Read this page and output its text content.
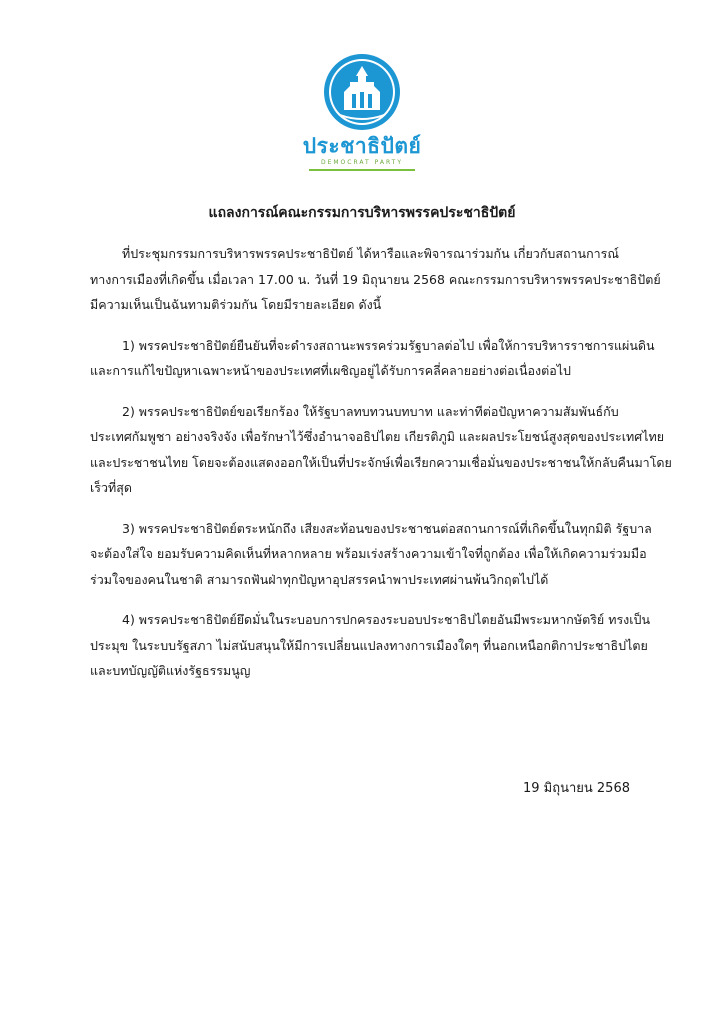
ประชาธิปัตย์
DEMOCRAT PARTY
แถลงการณ์คณะกรรมการบริหารพรรคประชาธิปัตย์
ที่ประชุมกรรมการบริหารพรรคประชาธิปัตย์ ได้หารือและพิจารณาร่วมกัน เกี่ยวกับสถานการณ์
ทางการเมืองที่เกิดขึ้น เมื่อเวลา 17.00 น. วันที่ 19 มิถุนายน 2568 คณะกรรมการบริหารพรรคประชาธิปัตย์
มีความเห็นเป็นฉันทามติร่วมกัน โดยมีรายละเอียด ดังนี้
1) พรรคประชาธิปัตย์ยืนยันที่จะดำรงสถานะพรรคร่วมรัฐบาลต่อไป เพื่อให้การบริหารราชการแผ่นดิน
และการแก้ไขปัญหาเฉพาะหน้าของประเทศที่เผชิญอยู่ได้รับการคลี่คลายอย่างต่อเนื่องต่อไป
2) พรรคประชาธิปัตย์ขอเรียกร้อง ให้รัฐบาลทบทวนบทบาท และท่าทีต่อปัญหาความสัมพันธ์กับ
ประเทศกัมพูชา อย่างจริงจัง เพื่อรักษาไว้ซึ่งอำนาจอธิปไตย เกียรติภูมิ และผลประโยชน์สูงสุดของประเทศไทย
และประชาชนไทย โดยจะต้องแสดงออกให้เป็นที่ประจักษ์เพื่อเรียกความเชื่อมั่นของประชาชนให้กลับคืนมาโดย
เร็วที่สุด
3) พรรคประชาธิปัตย์ตระหนักถึง เสียงสะท้อนของประชาชนต่อสถานการณ์ที่เกิดขึ้นในทุกมิติ รัฐบาล
จะต้องใส่ใจ ยอมรับความคิดเห็นที่หลากหลาย พร้อมเร่งสร้างความเข้าใจที่ถูกต้อง เพื่อให้เกิดความร่วมมือ
ร่วมใจของคนในชาติ สามารถฟันฝ่าทุกปัญหาอุปสรรคนำพาประเทศผ่านพ้นวิกฤตไปได้
4) พรรคประชาธิปัตย์ยึดมั่นในระบอบการปกครองระบอบประชาธิปไตยอันมีพระมหากษัตริย์ ทรงเป็น
ประมุข ในระบบรัฐสภา ไม่สนับสนุนให้มีการเปลี่ยนแปลงทางการเมืองใดๆ ที่นอกเหนือกติกาประชาธิปไตย
และบทบัญญัติแห่งรัฐธรรมนูญ
19 มิถุนายน 2568
